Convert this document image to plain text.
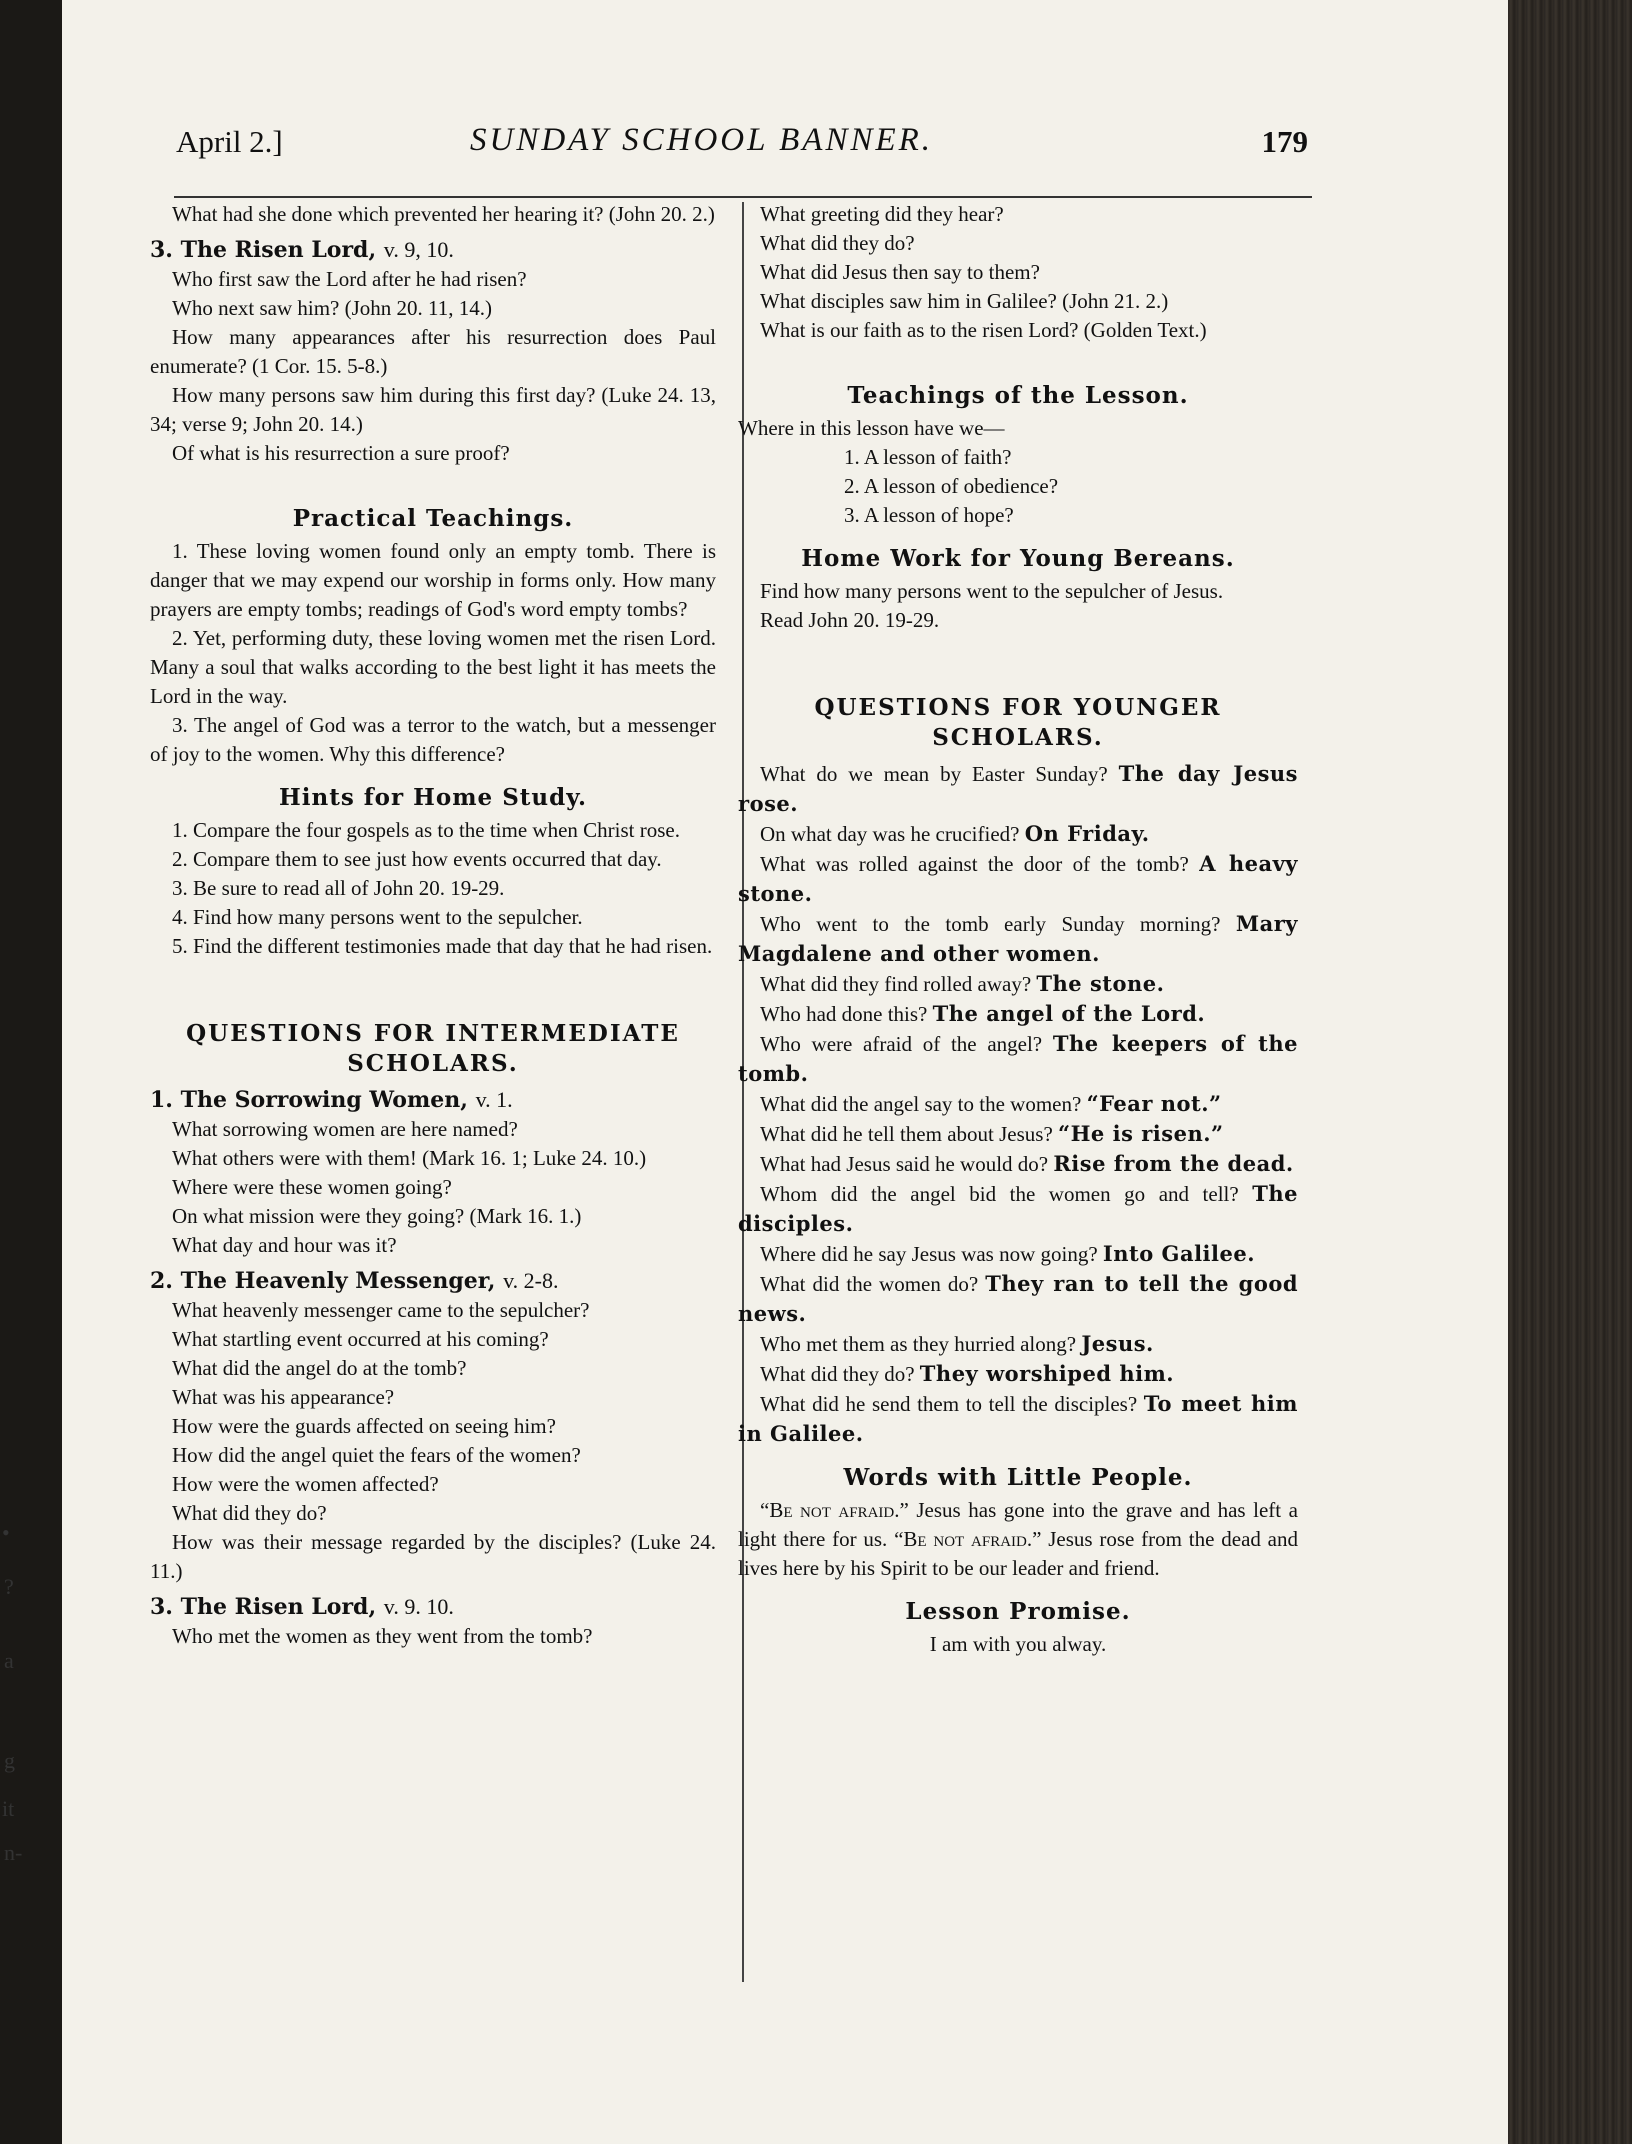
•
?
a
g
it
n-
April 2.]	SUNDAY SCHOOL BANNER.	179

What had she done which prevented her hearing it? (John 20. 2.)

3. The Risen Lord, v. 9, 10.

Who first saw the Lord after he had risen?

Who next saw him? (John 20. 11, 14.)

How many appearances after his resurrection does Paul enumerate? (1 Cor. 15. 5-8.)

How many persons saw him during this first day? (Luke 24. 13, 34; verse 9; John 20. 14.)

Of what is his resurrection a sure proof?

Practical Teachings.

1. These loving women found only an empty tomb. There is danger that we may expend our worship in forms only. How many prayers are empty tombs; readings of God's word empty tombs?

2. Yet, performing duty, these loving women met the risen Lord. Many a soul that walks according to the best light it has meets the Lord in the way.

3. The angel of God was a terror to the watch, but a messenger of joy to the women. Why this difference?

Hints for Home Study.

1. Compare the four gospels as to the time when Christ rose.

2. Compare them to see just how events occurred that day.

3. Be sure to read all of John 20. 19-29.

4. Find how many persons went to the sepulcher.

5. Find the different testimonies made that day that he had risen.

QUESTIONS FOR INTERMEDIATE
SCHOLARS.
1. The Sorrowing Women, v. 1.

What sorrowing women are here named?

What others were with them! (Mark 16. 1; Luke 24. 10.)

Where were these women going?

On what mission were they going? (Mark 16. 1.)

What day and hour was it?

2. The Heavenly Messenger, v. 2-8.

What heavenly messenger came to the sepulcher?

What startling event occurred at his coming?

What did the angel do at the tomb?

What was his appearance?

How were the guards affected on seeing him?

How did the angel quiet the fears of the women?

How were the women affected?

What did they do?

How was their message regarded by the disciples? (Luke 24. 11.)

3. The Risen Lord, v. 9. 10.

Who met the women as they went from the tomb?

What greeting did they hear?

What did they do?

What did Jesus then say to them?

What disciples saw him in Galilee? (John 21. 2.)

What is our faith as to the risen Lord? (Golden Text.)

Teachings of the Lesson.

Where in this lesson have we—

1. A lesson of faith?

2. A lesson of obedience?

3. A lesson of hope?

Home Work for Young Bereans.

Find how many persons went to the sepulcher of Jesus.

Read John 20. 19-29.

QUESTIONS FOR YOUNGER
SCHOLARS.

What do we mean by Easter Sunday? The day Jesus rose.

On what day was he crucified? On Friday.

What was rolled against the door of the tomb? A heavy stone.

Who went to the tomb early Sunday morning? Mary Magdalene and other women.

What did they find rolled away? The stone.

Who had done this? The angel of the Lord.

Who were afraid of the angel? The keepers of the tomb.

What did the angel say to the women? “Fear not.”

What did he tell them about Jesus? “He is risen.”

What had Jesus said he would do? Rise from the dead.

Whom did the angel bid the women go and tell? The disciples.

Where did he say Jesus was now going? Into Galilee.

What did the women do? They ran to tell the good news.

Who met them as they hurried along? Jesus.

What did they do? They worshiped him.

What did he send them to tell the disciples? To meet him in Galilee.

Words with Little People.

“Be not afraid.” Jesus has gone into the grave and has left a light there for us. “Be not afraid.” Jesus rose from the dead and lives here by his Spirit to be our leader and friend.

Lesson Promise.

I am with you alway.
